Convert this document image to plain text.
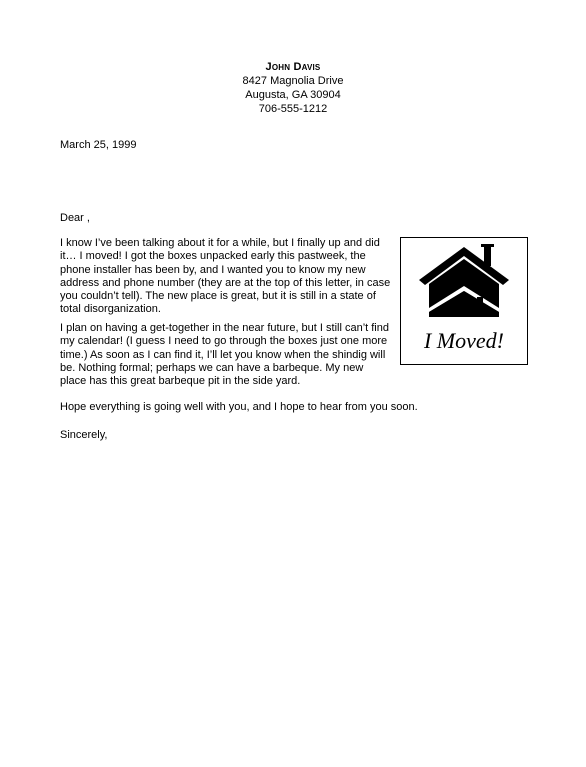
John Davis
8427 Magnolia Drive
Augusta, GA 30904
706-555-1212
March 25, 1999
Dear ,

I know I’ve been talking about it for a while, but I finally up and did
it… I moved! I got the boxes unpacked early this pastweek, the
phone installer has been by, and I wanted you to know my new
address and phone number (they are at the top of this letter, in case
you couldn’t tell). The new place is great, but it is still in a state of
total disorganization.

I plan on having a get-together in the near future, but I still can’t find
my calendar! (I guess I need to go through the boxes just one more
time.) As soon as I can find it, I’ll let you know when the shindig will
be. Nothing formal; perhaps we can have a barbeque. My new
place has this great barbeque pit in the side yard.

Hope everything is going well with you, and I hope to hear from you soon.

Sincerely,
I Moved!
